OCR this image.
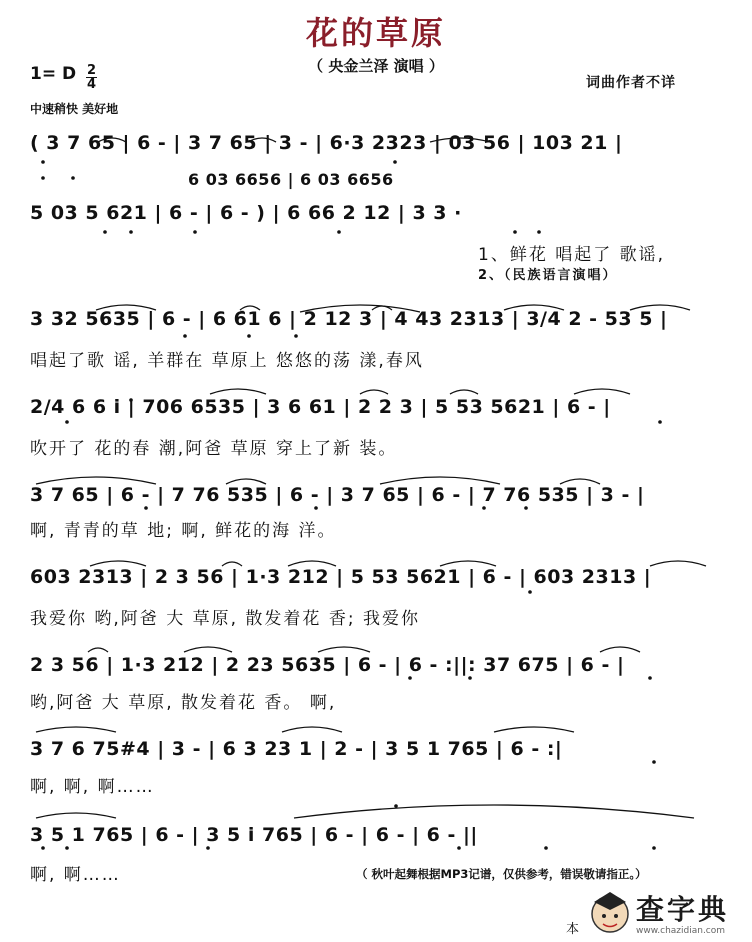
花的草原
（ 央金兰泽 演唱 ）
1= D $\frac{2}{4}$
中速稍快 美好地
词曲作者不详
( 3 7 65 | 6 - | 3 7 65 | 3 - | 6·3 2323 | 03 56 | 103 21 |
6 03 6656 | 6 03 6656
5 03 5 621 | 6 - | 6 - ) | 6 66 2 12 | 3 3 ·
1、鲜花 唱起了 歌谣,
2、（民族语言演唱）
3 32 5635 | 6 - | 6 6̇1 6 | 2 12 3 | 4 43 2313 | 3/4 2 - 53 5 |
唱起了歌 谣, 羊群在 草原上 悠悠的荡 漾,春风
2/4 6 6 i | 706 6535 | 3 6 61 | 2 2 3 | 5 53 5621 | 6 - |
吹开了 花的春 潮,阿爸 草原 穿上了新 装。
3 7 65 | 6 - | 7 76 535 | 6 - | 3 7 65 | 6 - | 7 76 535 | 3 - |
啊, 青青的草 地; 啊, 鲜花的海 洋。
603 2313 | 2 3 56 | 1·3 212 | 5 53 5621 | 6 - | 603 2313 |
我爱你 哟,阿爸 大 草原, 散发着花 香; 我爱你
2 3 56 | 1·3 212 | 2 23 5635 | 6 - | 6 - :||: 37 675 | 6 - |
哟,阿爸 大 草原, 散发着花 香。 啊,
3 7 6 75#4 | 3 - | 6 3 23 1 | 2 - | 3 5 1 765 | 6 - :|
啊, 啊, 啊……
3 5 1 765 | 6 - | 3 5 i 765 | 6 - | 6 - | 6 - ||
啊, 啊……	（ 秋叶起舞根据MP3记谱，仅供参考，错误敬请指正。）
本
查字典
www.chazidian.com
